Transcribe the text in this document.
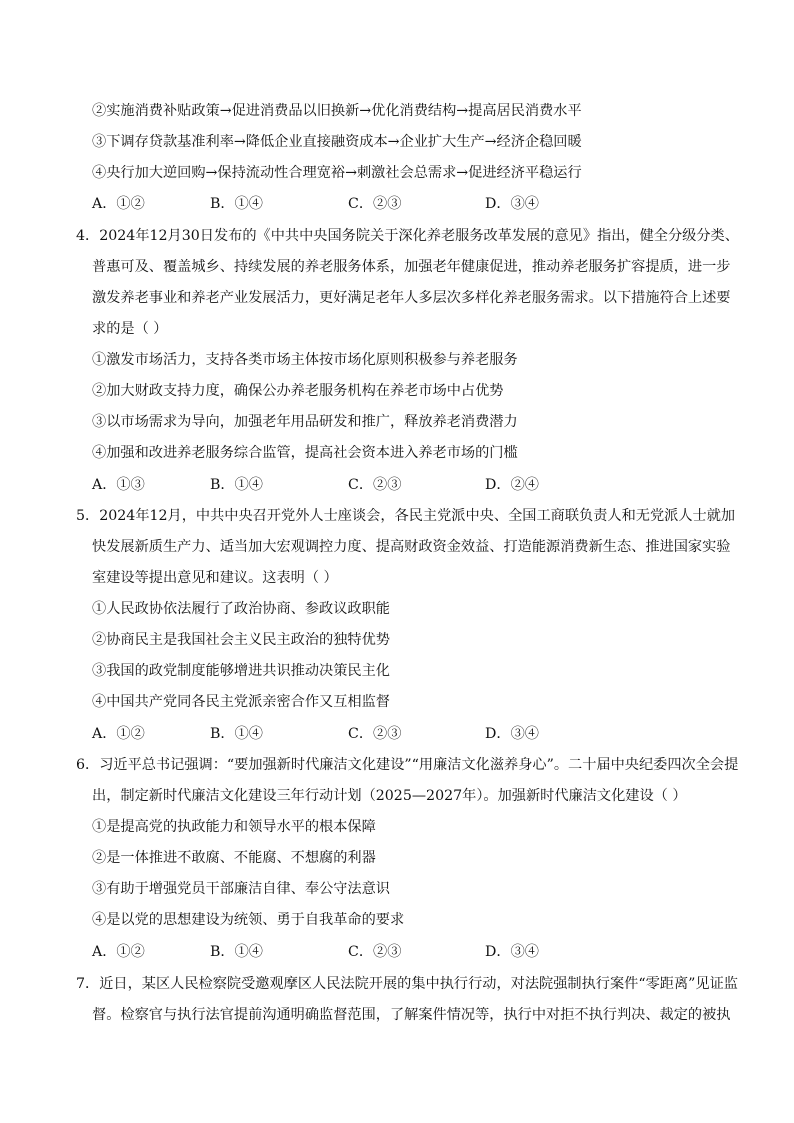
②实施消费补贴政策→促进消费品以旧换新→优化消费结构→提高居民消费水平
③下调存贷款基准利率→降低企业直接融资成本→企业扩大生产→经济企稳回暖
④央行加大逆回购→保持流动性合理宽裕→刺激社会总需求→促进经济平稳运行
A．①②	B．①④	C．②③	D．③④
4．2024年12月30日发布的《中共中央国务院关于深化养老服务改革发展的意见》指出，健全分级分类、
普惠可及、覆盖城乡、持续发展的养老服务体系，加强老年健康促进，推动养老服务扩容提质，进一步
激发养老事业和养老产业发展活力，更好满足老年人多层次多样化养老服务需求。以下措施符合上述要
求的是（ ）
①激发市场活力，支持各类市场主体按市场化原则积极参与养老服务
②加大财政支持力度，确保公办养老服务机构在养老市场中占优势
③以市场需求为导向，加强老年用品研发和推广，释放养老消费潜力
④加强和改进养老服务综合监管，提高社会资本进入养老市场的门槛
A．①③	B．①④	C．②③	D．②④
5．2024年12月，中共中央召开党外人士座谈会，各民主党派中央、全国工商联负责人和无党派人士就加
快发展新质生产力、适当加大宏观调控力度、提高财政资金效益、打造能源消费新生态、推进国家实验
室建设等提出意见和建议。这表明（ ）
①人民政协依法履行了政治协商、参政议政职能
②协商民主是我国社会主义民主政治的独特优势
③我国的政党制度能够增进共识推动决策民主化
④中国共产党同各民主党派亲密合作又互相监督
A．①②	B．①④	C．②③	D．③④
6．习近平总书记强调：“要加强新时代廉洁文化建设”“用廉洁文化滋养身心”。二十届中央纪委四次全会提
出，制定新时代廉洁文化建设三年行动计划（2025—2027年）。加强新时代廉洁文化建设（ ）
①是提高党的执政能力和领导水平的根本保障
②是一体推进不敢腐、不能腐、不想腐的利器
③有助于增强党员干部廉洁自律、奉公守法意识
④是以党的思想建设为统领、勇于自我革命的要求
A．①②	B．①④	C．②③	D．③④
7．近日，某区人民检察院受邀观摩区人民法院开展的集中执行行动，对法院强制执行案件“零距离”见证监
督。检察官与执行法官提前沟通明确监督范围，了解案件情况等，执行中对拒不执行判决、裁定的被执
